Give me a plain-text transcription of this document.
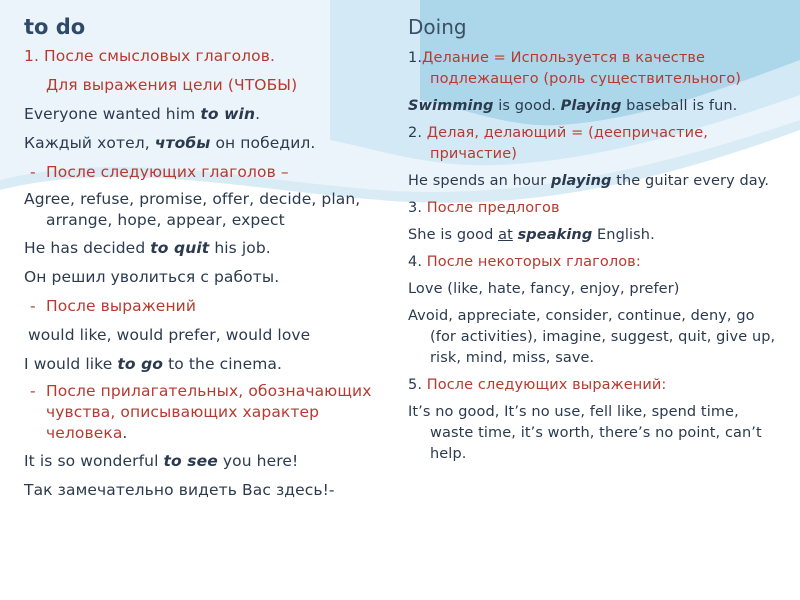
to do
1. После смысловых глаголов.
Для выражения цели (ЧТОБЫ)
Everyone wanted him to win.
Каждый хотел, чтобы он победил.
- После следующих глаголов –
Agree, refuse, promise, offer, decide, plan, arrange, hope, appear, expect
He has decided to quit his job.
Он решил уволиться с работы.
- После выражений
would like, would prefer, would love
I would like to go to the cinema.
- После прилагательных, обозначающих чувства, описывающих характер человека.
It is so wonderful to see you here!
Так замечательно видеть Вас здесь!-
Doing
1.Делание = Используется в качестве подлежащего (роль существительного)
Swimming is good. Playing baseball is fun.
2. Делая, делающий = (деепричастие, причастие)
He spends an hour playing the guitar every day.
3. После предлогов
She is good at speaking English.
4. После некоторых глаголов:
Love (like, hate, fancy, enjoy, prefer)
Avoid, appreciate, consider, continue, deny, go (for activities), imagine, suggest, quit, give up, risk, mind, miss, save.
5. После следующих выражений:
It’s no good, It’s no use, fell like, spend time, waste time, it’s worth, there’s no point, can’t help.
